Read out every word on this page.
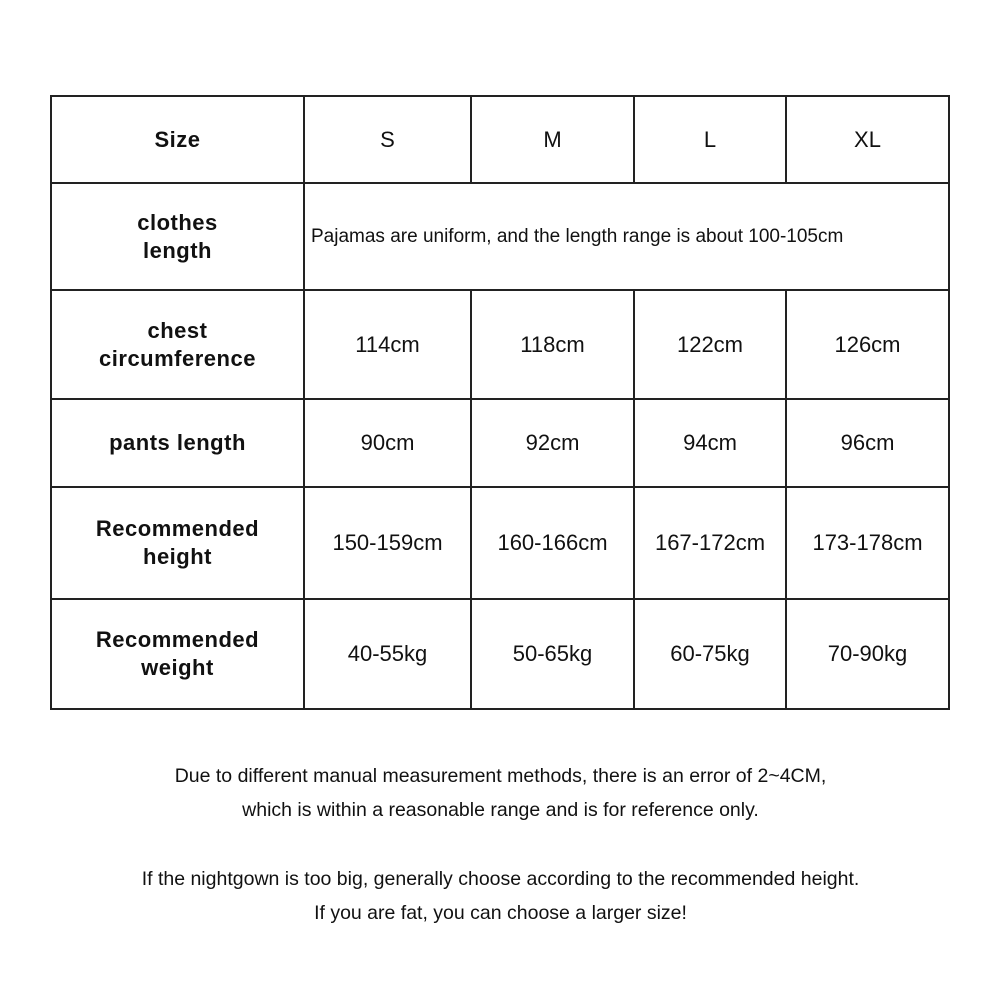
Size	S	M	L	XL

clothes
length	Pajamas are uniform, and the length range is about 100-105cm			

chest
circumference	114cm	118cm	122cm	126cm

pants length	90cm	92cm	94cm	96cm

Recommended
height	150-159cm	160-166cm	167-172cm	173-178cm

Recommended
weight	40-55kg	50-65kg	60-75kg	70-90kg

Due to different manual measurement methods, there is an error of 2~4CM,

which is within a reasonable range and is for reference only.

If the nightgown is too big, generally choose according to the recommended height.

If you are fat, you can choose a larger size!
